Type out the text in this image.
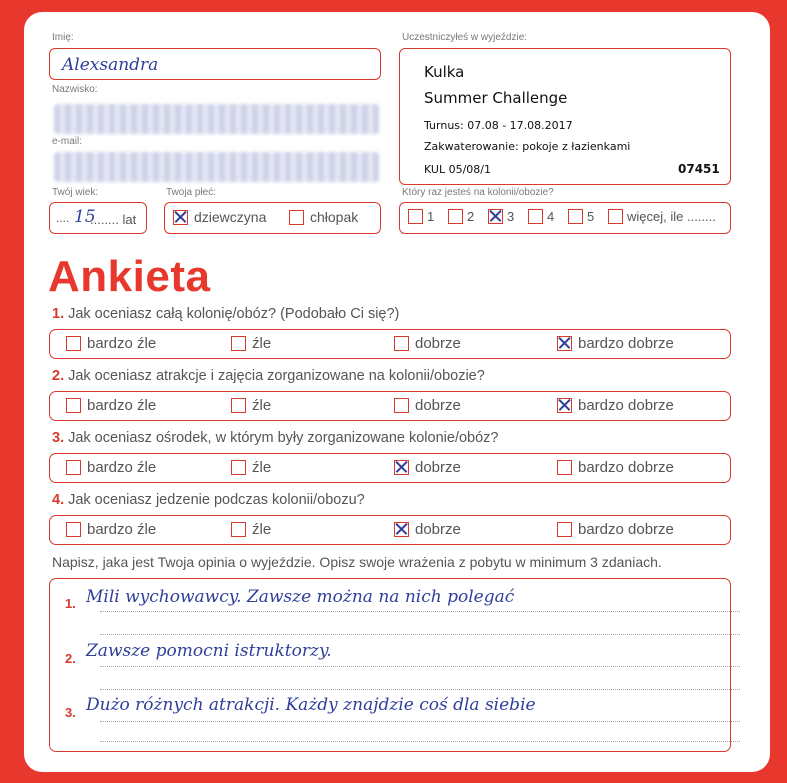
Imię:
Alexsandra
Nazwisko:
e-mail:
Twój wiek:
.... 15
........ lat
Twoja płeć:
dziewczyna	chłopak
Uczestniczyłeś w wyjeździe:
Kulka
Summer Challenge
Turnus: 07.08 - 17.08.2017
Zakwaterowanie: pokoje z łazienkami
KUL 05/08/1	07451
Który raz jesteś na kolonii/obozie?
1	2	3	4	5	więcej, ile ........
Ankieta
1. Jak oceniasz całą kolonię/obóz? (Podobało Ci się?)
bardzo źle	źle	dobrze	bardzo dobrze
2. Jak oceniasz atrakcje i zajęcia zorganizowane na kolonii/obozie?
bardzo źle	źle	dobrze	bardzo dobrze
3. Jak oceniasz ośrodek, w którym były zorganizowane kolonie/obóz?
bardzo źle	źle	dobrze	bardzo dobrze
4. Jak oceniasz jedzenie podczas kolonii/obozu?
bardzo źle	źle	dobrze	bardzo dobrze
Napisz, jaka jest Twoja opinia o wyjeździe. Opisz swoje wrażenia z pobytu w minimum 3 zdaniach.
1. Mili wychowawcy. Zawsze można na nich polegać
2. Zawsze pomocni istruktorzy.
3. Dużo różnych atrakcji. Każdy znajdzie coś dla siebie
